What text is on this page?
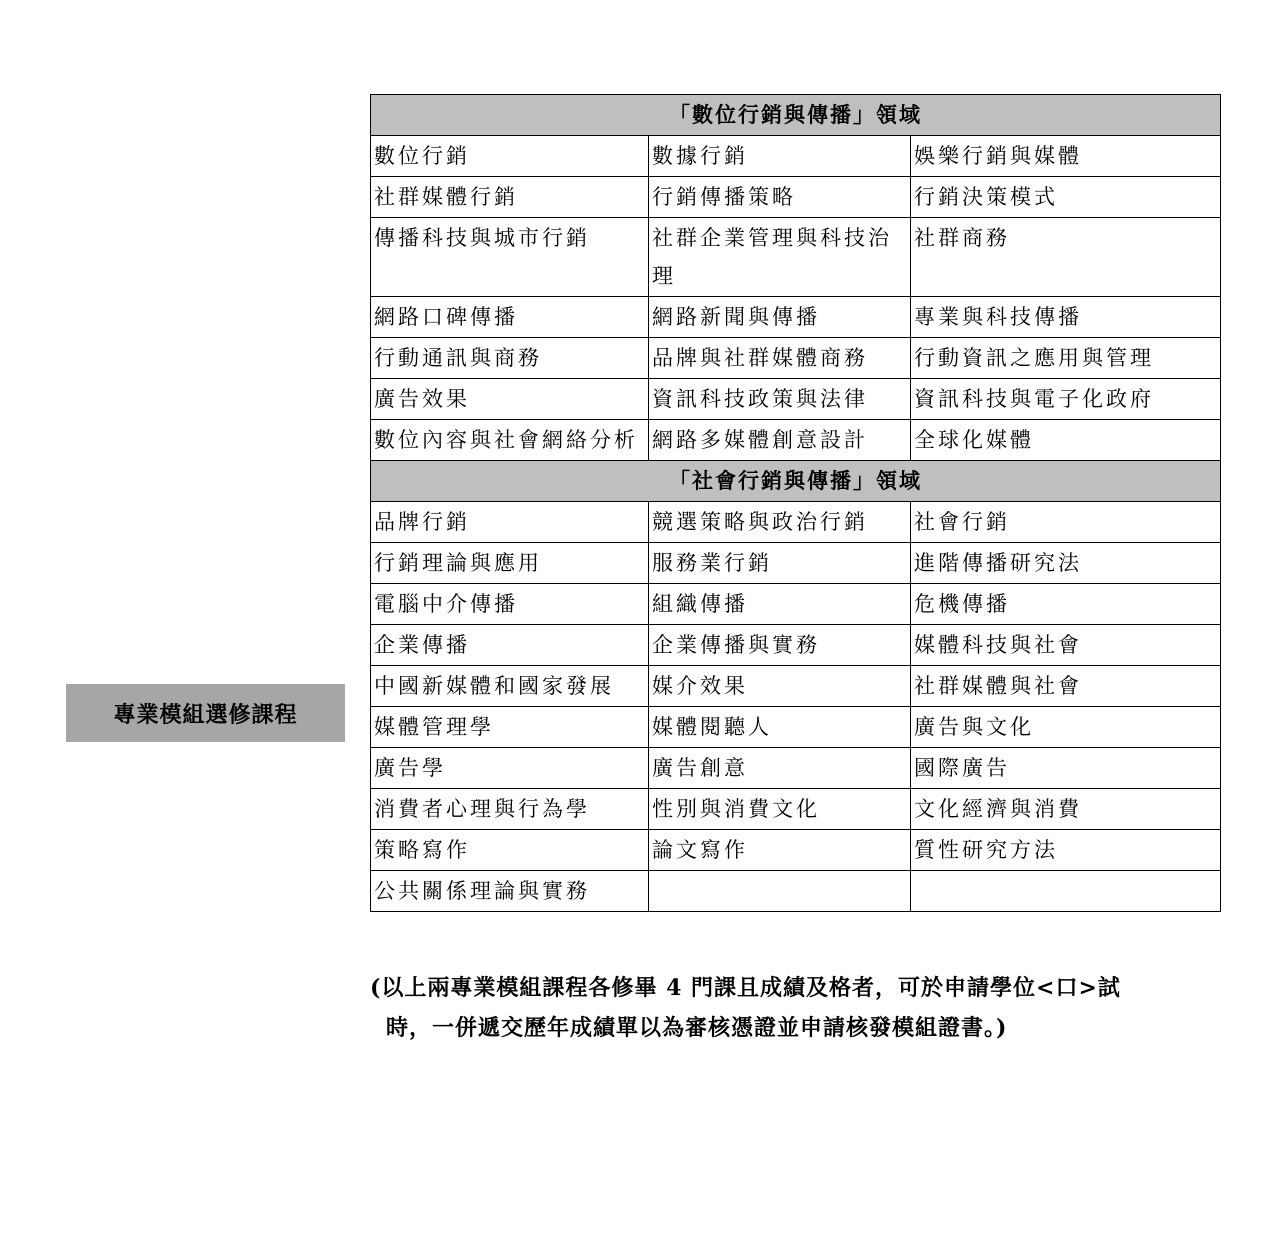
專業模組選修課程
「數位行銷與傳播」領域		
數位行銷	數據行銷	娛樂行銷與媒體
社群媒體行銷	行銷傳播策略	行銷決策模式
傳播科技與城市行銷	社群企業管理與科技治理	社群商務
網路口碑傳播	網路新聞與傳播	專業與科技傳播
行動通訊與商務	品牌與社群媒體商務	行動資訊之應用與管理
廣告效果	資訊科技政策與法律	資訊科技與電子化政府
數位內容與社會網絡分析	網路多媒體創意設計	全球化媒體
「社會行銷與傳播」領域		
品牌行銷	競選策略與政治行銷	社會行銷
行銷理論與應用	服務業行銷	進階傳播研究法
電腦中介傳播	組織傳播	危機傳播
企業傳播	企業傳播與實務	媒體科技與社會
中國新媒體和國家發展	媒介效果	社群媒體與社會
媒體管理學	媒體閱聽人	廣告與文化
廣告學	廣告創意	國際廣告
消費者心理與行為學	性別與消費文化	文化經濟與消費
策略寫作	論文寫作	質性研究方法
公共關係理論與實務		
(以上兩專業模組課程各修畢 4 門課且成績及格者，可於申請學位<口>試
時，一併遞交歷年成績單以為審核憑證並申請核發模組證書。)
